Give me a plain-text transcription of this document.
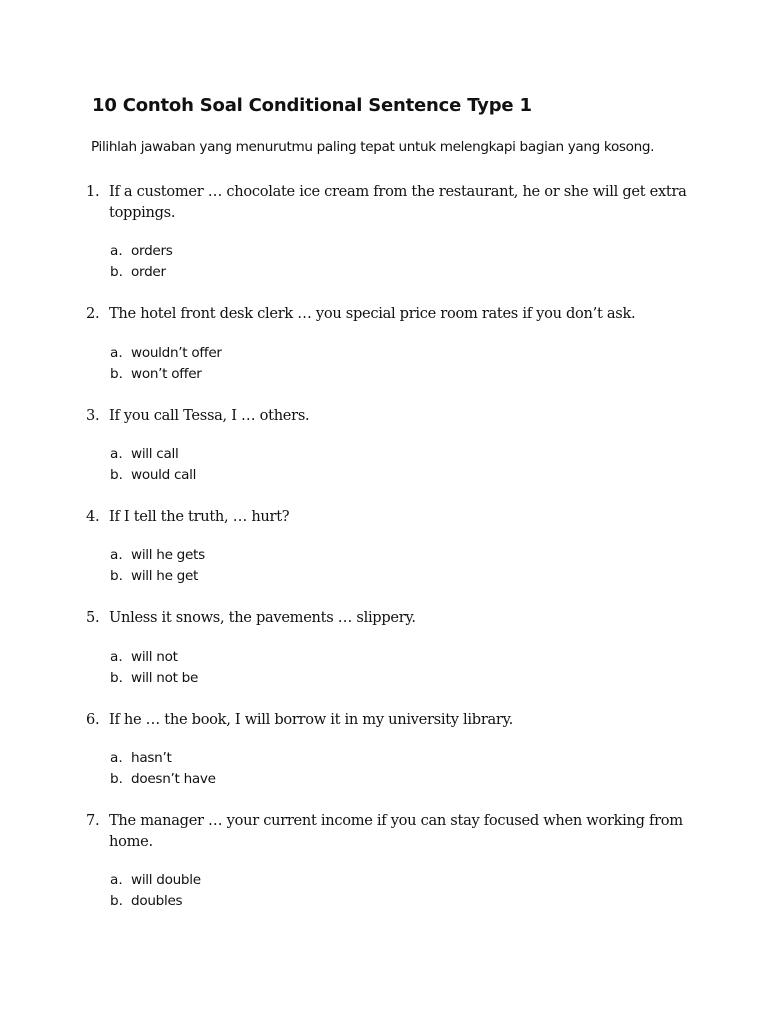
10 Contoh Soal Conditional Sentence Type 1
Pilihlah jawaban yang menurutmu paling tepat untuk melengkapi bagian yang kosong.
1. If a customer … chocolate ice cream from the restaurant, he or she will get extra toppings.
a. orders
b. order
2. The hotel front desk clerk … you special price room rates if you don’t ask.
a. wouldn’t offer
b. won’t offer
3. If you call Tessa, I … others.
a. will call
b. would call
4. If I tell the truth, … hurt?
a. will he gets
b. will he get
5. Unless it snows, the pavements … slippery.
a. will not
b. will not be
6. If he … the book, I will borrow it in my university library.
a. hasn’t
b. doesn’t have
7. The manager … your current income if you can stay focused when working from home.
a. will double
b. doubles
